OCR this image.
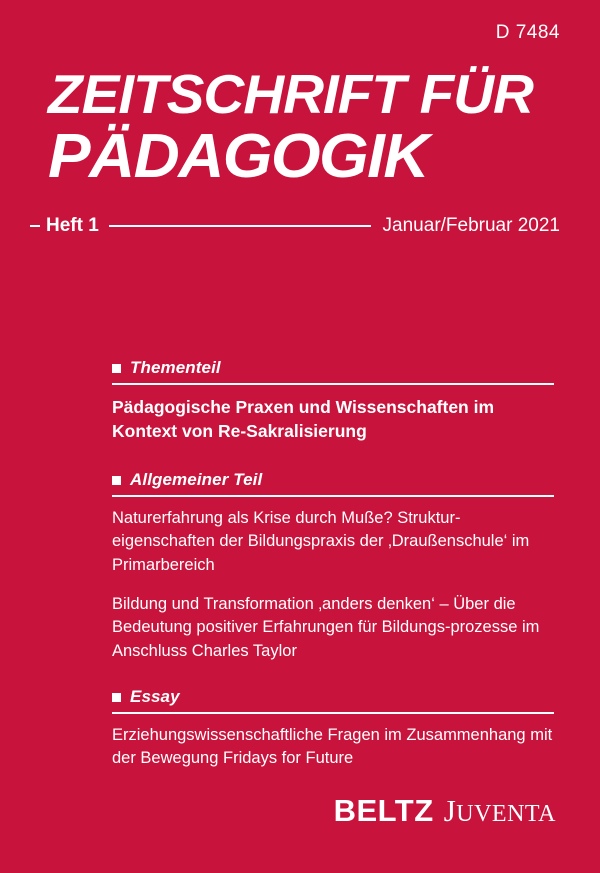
D 7484
ZEITSCHRIFT FÜR
PÄDAGOGIK
Heft 1	Januar/Februar 2021
Thementeil
Pädagogische Praxen und Wissenschaften im Kontext von Re-Sakralisierung
Allgemeiner Teil
Naturerfahrung als Krise durch Muße? Struktur-eigenschaften der Bildungspraxis der ‚Draußenschule‘ im Primarbereich
Bildung und Transformation ‚anders denken‘ – Über die Bedeutung positiver Erfahrungen für Bildungs-prozesse im Anschluss Charles Taylor
Essay
Erziehungswissenschaftliche Fragen im Zusammenhang mit der Bewegung Fridays for Future
BELTZ JUVENTA
